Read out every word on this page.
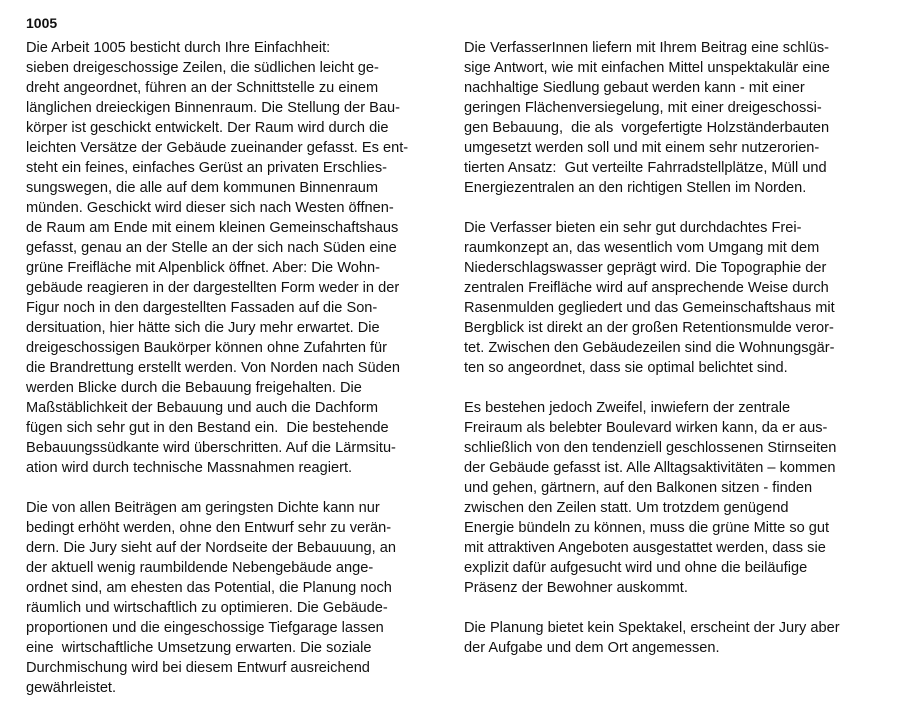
1005
Die Arbeit 1005 besticht durch Ihre Einfachheit:
sieben dreigeschossige Zeilen, die südlichen leicht ge-
dreht angeordnet, führen an der Schnittstelle zu einem
länglichen dreieckigen Binnenraum. Die Stellung der Bau-
körper ist geschickt entwickelt. Der Raum wird durch die
leichten Versätze der Gebäude zueinander gefasst. Es ent-
steht ein feines, einfaches Gerüst an privaten Erschlies-
sungswegen, die alle auf dem kommunen Binnenraum
münden. Geschickt wird dieser sich nach Westen öffnen-
de Raum am Ende mit einem kleinen Gemeinschaftshaus
gefasst, genau an der Stelle an der sich nach Süden eine
grüne Freifläche mit Alpenblick öffnet. Aber: Die Wohn-
gebäude reagieren in der dargestellten Form weder in der
Figur noch in den dargestellten Fassaden auf die Son-
dersituation, hier hätte sich die Jury mehr erwartet. Die
dreigeschossigen Baukörper können ohne Zufahrten für
die Brandrettung erstellt werden. Von Norden nach Süden
werden Blicke durch die Bebauung freigehalten. Die
Maßstäblichkeit der Bebauung und auch die Dachform
fügen sich sehr gut in den Bestand ein.  Die bestehende
Bebauungssüdkante wird überschritten. Auf die Lärmsitu-
ation wird durch technische Massnahmen reagiert.
Die von allen Beiträgen am geringsten Dichte kann nur
bedingt erhöht werden, ohne den Entwurf sehr zu verän-
dern. Die Jury sieht auf der Nordseite der Bebauuung, an
der aktuell wenig raumbildende Nebengebäude ange-
ordnet sind, am ehesten das Potential, die Planung noch
räumlich und wirtschaftlich zu optimieren. Die Gebäude-
proportionen und die eingeschossige Tiefgarage lassen
eine  wirtschaftliche Umsetzung erwarten. Die soziale
Durchmischung wird bei diesem Entwurf ausreichend
gewährleistet.
Die VerfasserInnen liefern mit Ihrem Beitrag eine schlüs-
sige Antwort, wie mit einfachen Mittel unspektakulär eine
nachhaltige Siedlung gebaut werden kann - mit einer
geringen Flächenversiegelung, mit einer dreigeschossi-
gen Bebauung,  die als  vorgefertigte Holzständerbauten
umgesetzt werden soll und mit einem sehr nutzerorien-
tierten Ansatz:  Gut verteilte Fahrradstellplätze, Müll und
Energiezentralen an den richtigen Stellen im Norden.
Die Verfasser bieten ein sehr gut durchdachtes Frei-
raumkonzept an, das wesentlich vom Umgang mit dem
Niederschlagswasser geprägt wird. Die Topographie der
zentralen Freifläche wird auf ansprechende Weise durch
Rasenmulden gegliedert und das Gemeinschaftshaus mit
Bergblick ist direkt an der großen Retentionsmulde veror-
tet. Zwischen den Gebäudezeilen sind die Wohnungsgär-
ten so angeordnet, dass sie optimal belichtet sind.
Es bestehen jedoch Zweifel, inwiefern der zentrale
Freiraum als belebter Boulevard wirken kann, da er aus-
schließlich von den tendenziell geschlossenen Stirnseiten
der Gebäude gefasst ist. Alle Alltagsaktivitäten – kommen
und gehen, gärtnern, auf den Balkonen sitzen - finden
zwischen den Zeilen statt. Um trotzdem genügend
Energie bündeln zu können, muss die grüne Mitte so gut
mit attraktiven Angeboten ausgestattet werden, dass sie
explizit dafür aufgesucht wird und ohne die beiläufige
Präsenz der Bewohner auskommt.
Die Planung bietet kein Spektakel, erscheint der Jury aber
der Aufgabe und dem Ort angemessen.
